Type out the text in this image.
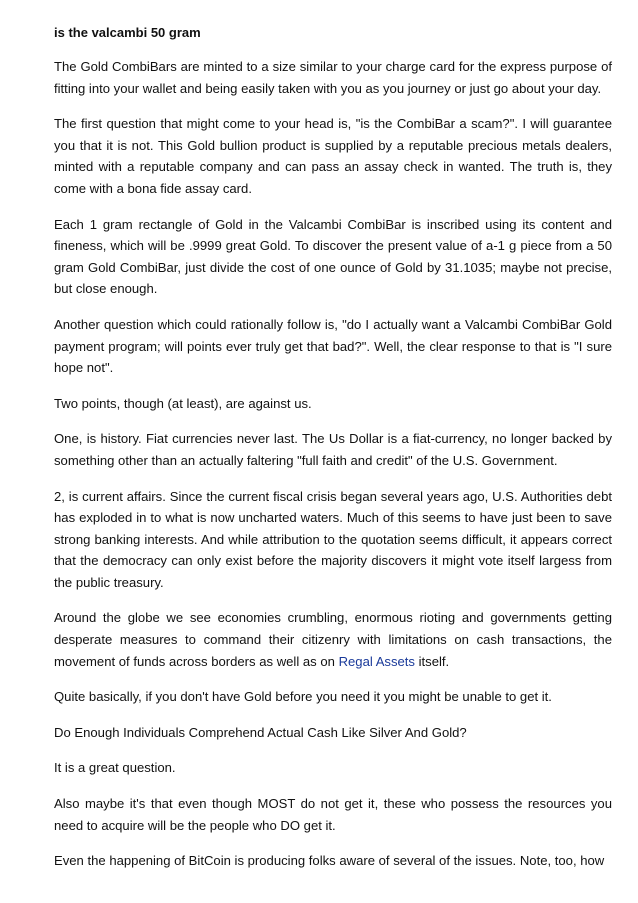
is the valcambi 50 gram

The Gold CombiBars are minted to a size similar to your charge card for the express purpose of fitting into your wallet and being easily taken with you as you journey or just go about your day.

The first question that might come to your head is, "is the CombiBar a scam?". I will guarantee you that it is not. This Gold bullion product is supplied by a reputable precious metals dealers, minted with a reputable company and can pass an assay check in wanted. The truth is, they come with a bona fide assay card.

Each 1 gram rectangle of Gold in the Valcambi CombiBar is inscribed using its content and fineness, which will be .9999 great Gold. To discover the present value of a-1 g piece from a 50 gram Gold CombiBar, just divide the cost of one ounce of Gold by 31.1035; maybe not precise, but close enough.

Another question which could rationally follow is, "do I actually want a Valcambi CombiBar Gold payment program; will points ever truly get that bad?". Well, the clear response to that is "I sure hope not".

Two points, though (at least), are against us.

One, is history. Fiat currencies never last. The Us Dollar is a fiat-currency, no longer backed by something other than an actually faltering "full faith and credit" of the U.S. Government.

2, is current affairs. Since the current fiscal crisis began several years ago, U.S. Authorities debt has exploded in to what is now uncharted waters. Much of this seems to have just been to save strong banking interests. And while attribution to the quotation seems difficult, it appears correct that the democracy can only exist before the majority discovers it might vote itself largess from the public treasury.

Around the globe we see economies crumbling, enormous rioting and governments getting desperate measures to command their citizenry with limitations on cash transactions, the movement of funds across borders as well as on Regal Assets itself.

Quite basically, if you don't have Gold before you need it you might be unable to get it.

Do Enough Individuals Comprehend Actual Cash Like Silver And Gold?

It is a great question.

Also maybe it's that even though MOST do not get it, these who possess the resources you need to acquire will be the people who DO get it.

Even the happening of BitCoin is producing folks aware of several of the issues. Note, too, how
